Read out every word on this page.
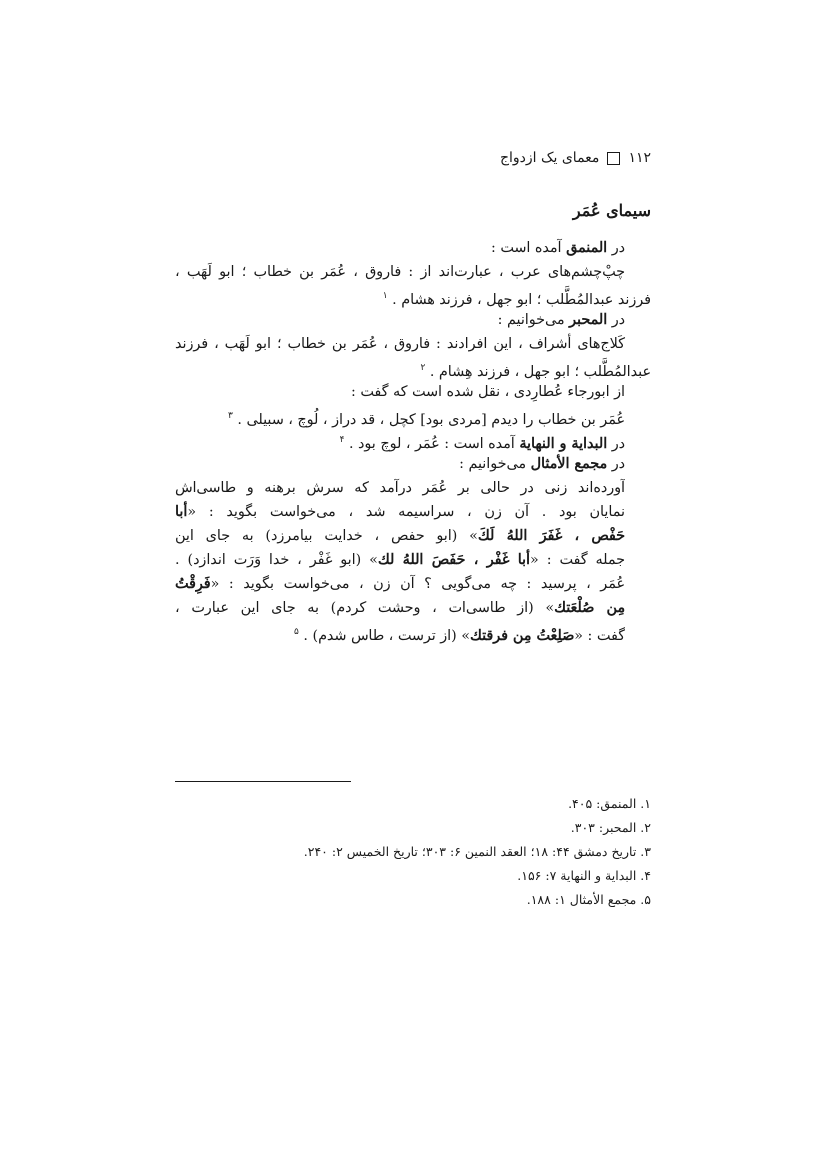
۱۱۲
معمای یک ازدواج
سیمای عُمَر
در المنمق آمده است :
چپْ‌چشم‌های عرب ، عبارت‌اند از : فاروق ، عُمَر بن خطاب ؛ ابو لَهَب ،
فرزند عبدالمُطَّلب ؛ ابو جهل ، فرزند هشام . $^۱$
در المحبر می‌خوانیم :
کَلاج‌های أشراف ، این افرادند : فاروق ، عُمَر بن خطاب ؛ ابو لَهَب ، فرزند
عبدالمُطَّلب ؛ ابو جهل ، فرزند هِشام . $^۲$
از ابورجاء عُطارِدی ، نقل شده است که گفت :
عُمَر بن خطاب را دیدم [مردی بود] کچل ، قد دراز ، لُوچ ، سبیلی . $^۳$
در البدایة و النهایة آمده است : عُمَر ، لوچ بود . $^۴$
در مجمع الأمثال می‌خوانیم :
آورده‌اند زنی در حالی بر عُمَر درآمد که سرش برهنه و طاسی‌اش
نمایان بود . آن زن ، سراسیمه شد ، می‌خواست بگوید : «أبا
حَفْص ، غَفَرَ اللهُ لَكَ» (ابو حفص ، خدایت بیامرزد) به جای این
جمله گفت : «أبا غَفْر ، حَفَصَ اللهُ لك» (ابو غَفْر ، خدا وَرَت اندازد) .
عُمَر ، پرسید : چه می‌گویی ؟ آن زن ، می‌خواست بگوید : «فَرِقْتُ
مِن صُلْعَتك» (از طاسی‌ات ، وحشت کردم) به جای این عبارت ،
گفت : «صَلِعْتُ مِن فرقتك» (از ترست ، طاس شدم) . $^۵$
۱. المنمق: ۴۰۵.
۲. المحبر: ۳۰۳.
۳. تاریخ دمشق ۴۴: ۱۸؛ العقد النمین ۶: ۳۰۳؛ تاریخ الخمیس ۲: ۲۴۰.
۴. البدایة و النهایة ۷: ۱۵۶.
۵. مجمع الأمثال ۱: ۱۸۸.
